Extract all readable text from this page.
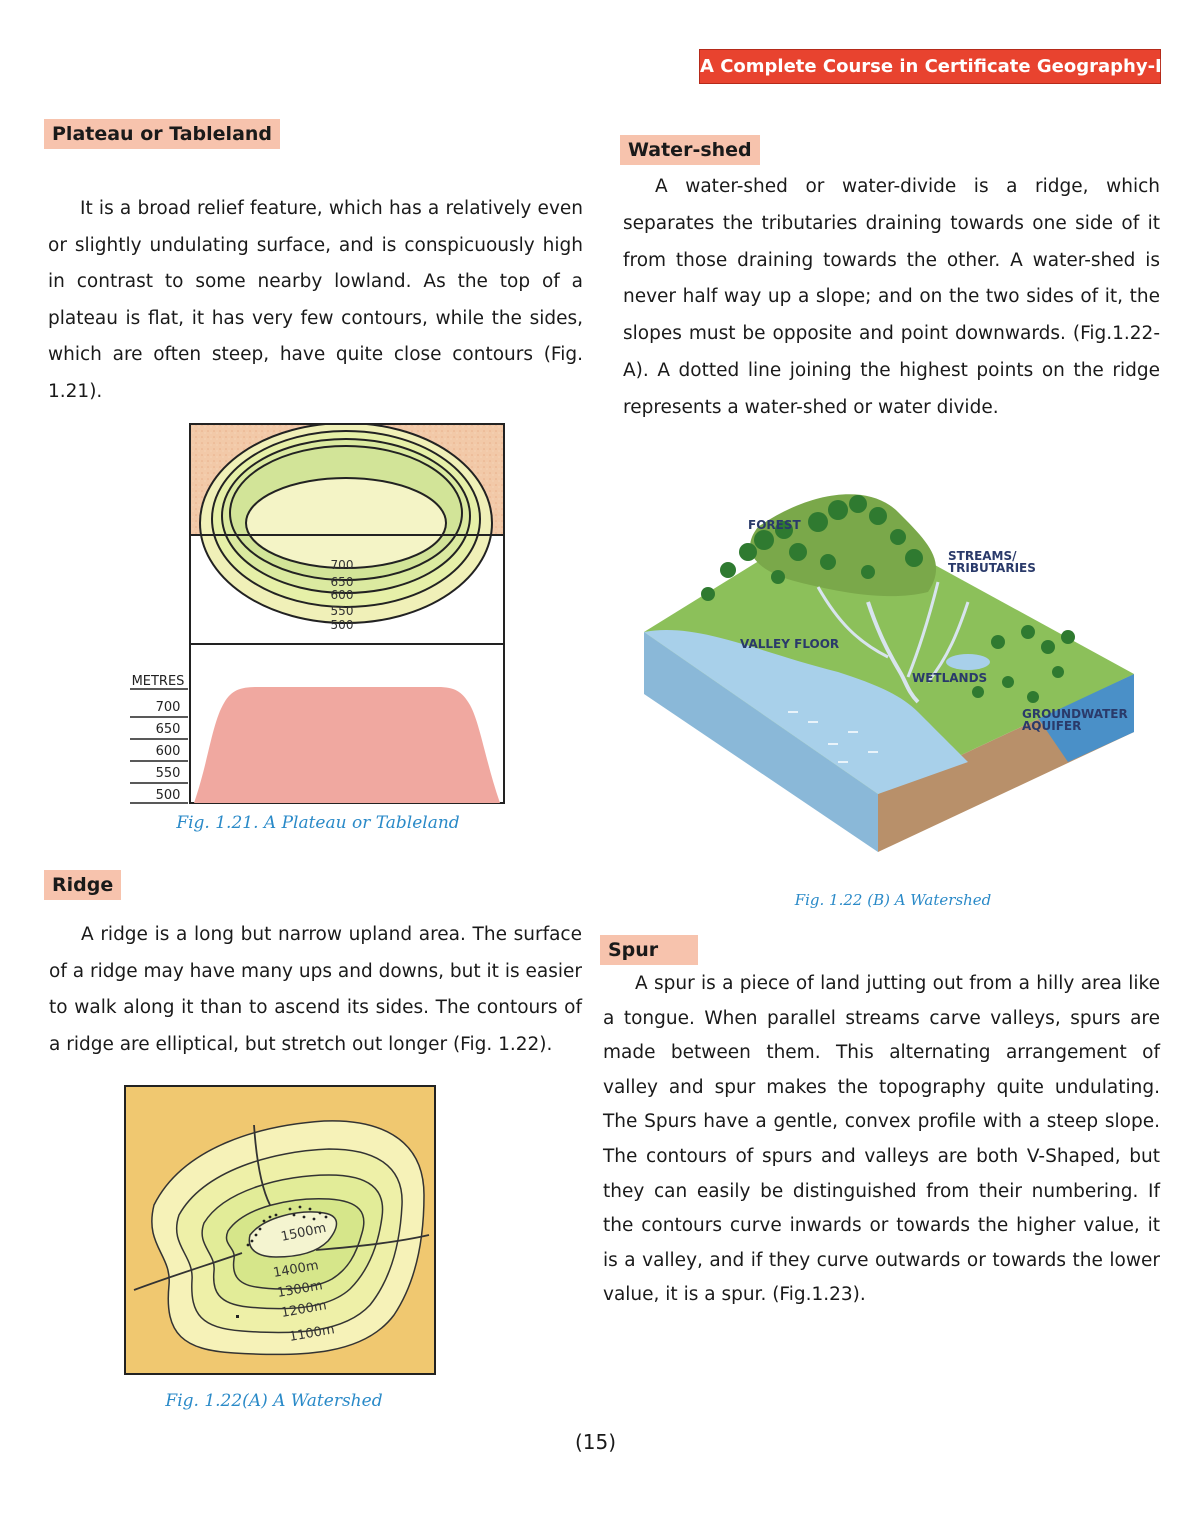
A Complete Course in Certificate Geography-II
Plateau or Tableland

It is a broad relief feature, which has a relatively even or slightly undulating surface, and is conspicuously high in contrast to some nearby lowland. As the top of a plateau is flat, it has very few contours, while the sides, which are often steep, have quite close contours (Fig. 1.21).

700
650
600
550
500
METRES
700
650
600
550
500
Fig. 1.21. A Plateau or Tableland
Ridge

A ridge is a long but narrow upland area. The surface of a ridge may have many ups and downs, but it is easier to walk along it than to ascend its sides. The contours of a ridge are elliptical, but stretch out longer (Fig. 1.22).

1500m
1400m
1300m
1200m
1100m
Fig. 1.22(A) A Watershed
Water-shed

A water-shed or water-divide is a ridge, which separates the tributaries draining towards one side of it from those draining towards the other. A water-shed is never half way up a slope; and on the two sides of it, the slopes must be opposite and point downwards. (Fig.1.22-A). A dotted line joining the highest points on the ridge represents a water-shed or water divide.

FOREST
STREAMS/
TRIBUTARIES
VALLEY FLOOR
WETLANDS
GROUNDWATER
AQUIFER
Fig. 1.22 (B) A Watershed
Spur

A spur is a piece of land jutting out from a hilly area like a tongue. When parallel streams carve valleys, spurs are made between them. This alternating arrangement of valley and spur makes the topography quite undulating. The Spurs have a gentle, convex profile with a steep slope. The contours of spurs and valleys are both V-Shaped, but they can easily be distinguished from their numbering. If the contours curve inwards or towards the higher value, it is a valley, and if they curve outwards or towards the lower value, it is a spur. (Fig.1.23).

(15)
